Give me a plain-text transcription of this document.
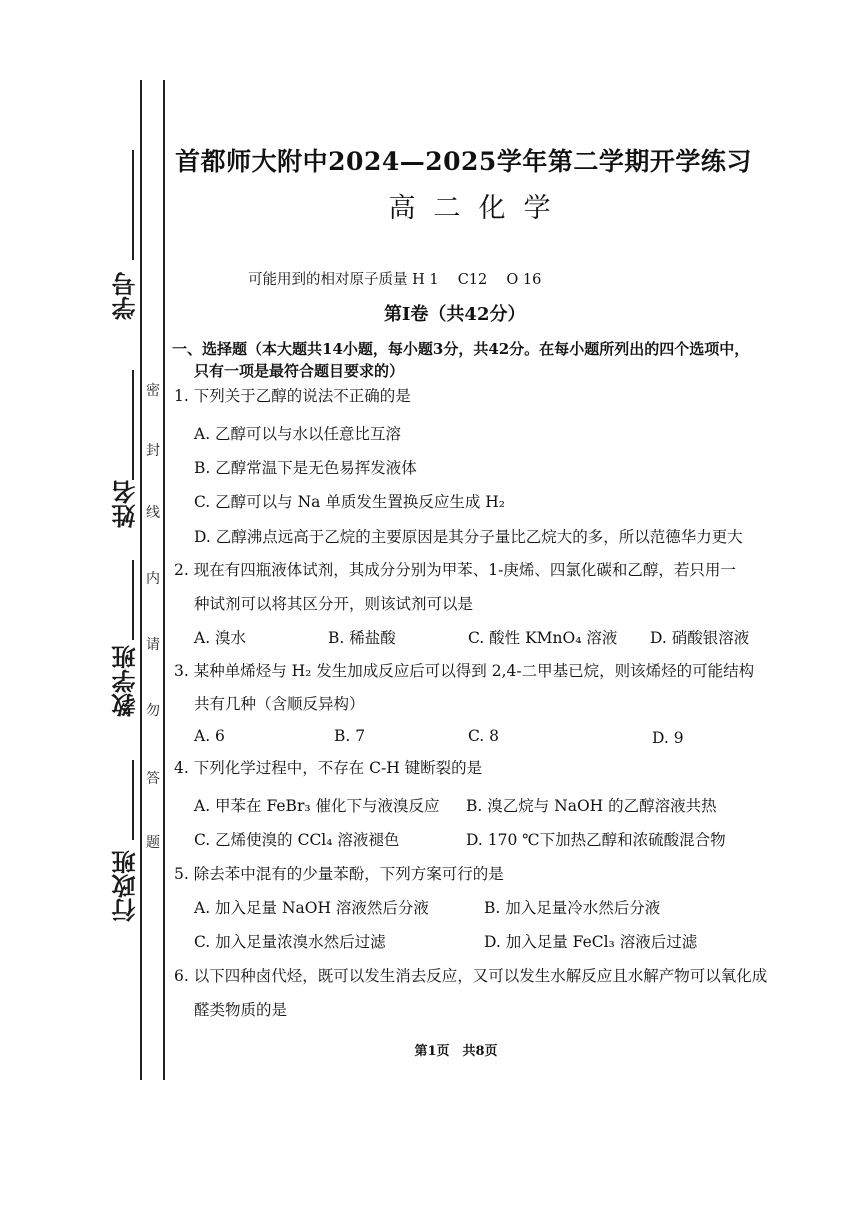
学号
姓名
教学班
行政班
密
封
线
内
请
勿
答
题
首都师大附中2024—2025学年第二学期开学练习
高二化学
可能用到的相对原子质量 H 1　 C12　 O 16
第Ⅰ卷（共42分）
一、选择题（本大题共14小题，每小题3分，共42分。在每小题所列出的四个选项中，
只有一项是最符合题目要求的）
1. 下列关于乙醇的说法不正确的是
A. 乙醇可以与水以任意比互溶
B. 乙醇常温下是无色易挥发液体
C. 乙醇可以与 Na 单质发生置换反应生成 H₂
D. 乙醇沸点远高于乙烷的主要原因是其分子量比乙烷大的多，所以范德华力更大
2. 现在有四瓶液体试剂，其成分分别为甲苯、1-庚烯、四氯化碳和乙醇，若只用一
种试剂可以将其区分开，则该试剂可以是
A. 溴水	B. 稀盐酸	C. 酸性 KMnO₄ 溶液 D. 硝酸银溶液
3. 某种单烯烃与 H₂ 发生加成反应后可以得到 2,4-二甲基已烷，则该烯烃的可能结构
共有几种（含顺反异构）
A. 6	B. 7	C. 8	D. 9
4. 下列化学过程中，不存在 C-H 键断裂的是
A. 甲苯在 FeBr₃ 催化下与液溴反应 B. 溴乙烷与 NaOH 的乙醇溶液共热
C. 乙烯使溴的 CCl₄ 溶液褪色	D. 170 ℃下加热乙醇和浓硫酸混合物
5. 除去苯中混有的少量苯酚，下列方案可行的是
A. 加入足量 NaOH 溶液然后分液	B. 加入足量冷水然后分液
C. 加入足量浓溴水然后过滤	D. 加入足量 FeCl₃ 溶液后过滤
6. 以下四种卤代烃，既可以发生消去反应，又可以发生水解反应且水解产物可以氧化成
醛类物质的是
第1页　共8页
